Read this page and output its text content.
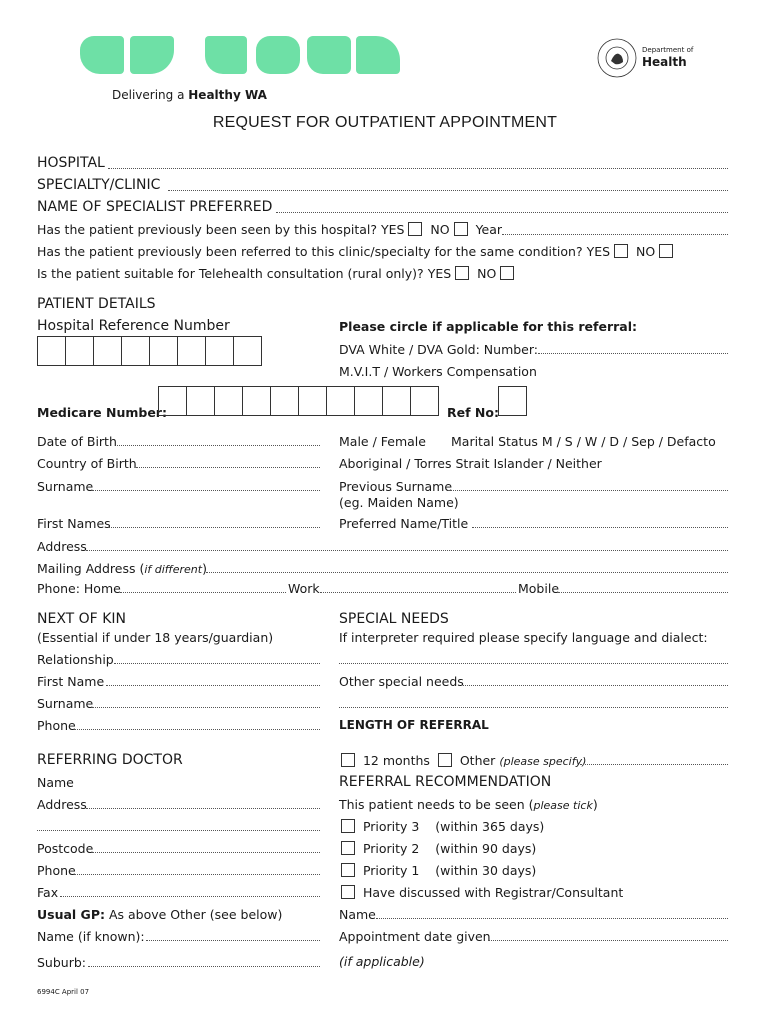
Delivering a Healthy WA
Department of
Health
REQUEST FOR OUTPATIENT APPOINTMENT
HOSPITAL
SPECIALTY/CLINIC
NAME OF SPECIALIST PREFERRED
Has the patient previously been seen by this hospital? YES NO Year
Has the patient previously been referred to this clinic/specialty for the same condition? YES NO
Is the patient suitable for Telehealth consultation (rural only)? YES NO
PATIENT DETAILS
Hospital Reference Number	Please circle if applicable for this referral:
DVA White / DVA Gold: Number:
M.V.I.T / Workers Compensation
Medicare Number:	Ref No:
Date of Birth	Male / Female Marital Status M / S / W / D / Sep / Defacto
Country of Birth	Aboriginal / Torres Strait Islander / Neither
Surname	Previous Surname
(eg. Maiden Name)
First Names	Preferred Name/Title
Address
Mailing Address (if different)
Phone: Home	Work	Mobile
NEXT OF KIN
(Essential if under 18 years/guardian)
Relationship
First Name
Surname
Phone
SPECIAL NEEDS
If interpreter required please specify language and dialect:
Other special needs
LENGTH OF REFERRAL
12 months Other (please specify)
REFERRING DOCTOR
Name
Address
Postcode
Phone
Fax
Usual GP: As above Other (see below)
Name (if known):
Suburb:
REFERRAL RECOMMENDATION
This patient needs to be seen (please tick)
Priority 3 (within 365 days)
Priority 2 (within 90 days)
Priority 1 (within 30 days)
Have discussed with Registrar/Consultant
Name
Appointment date given
(if applicable)
6994C April 07
